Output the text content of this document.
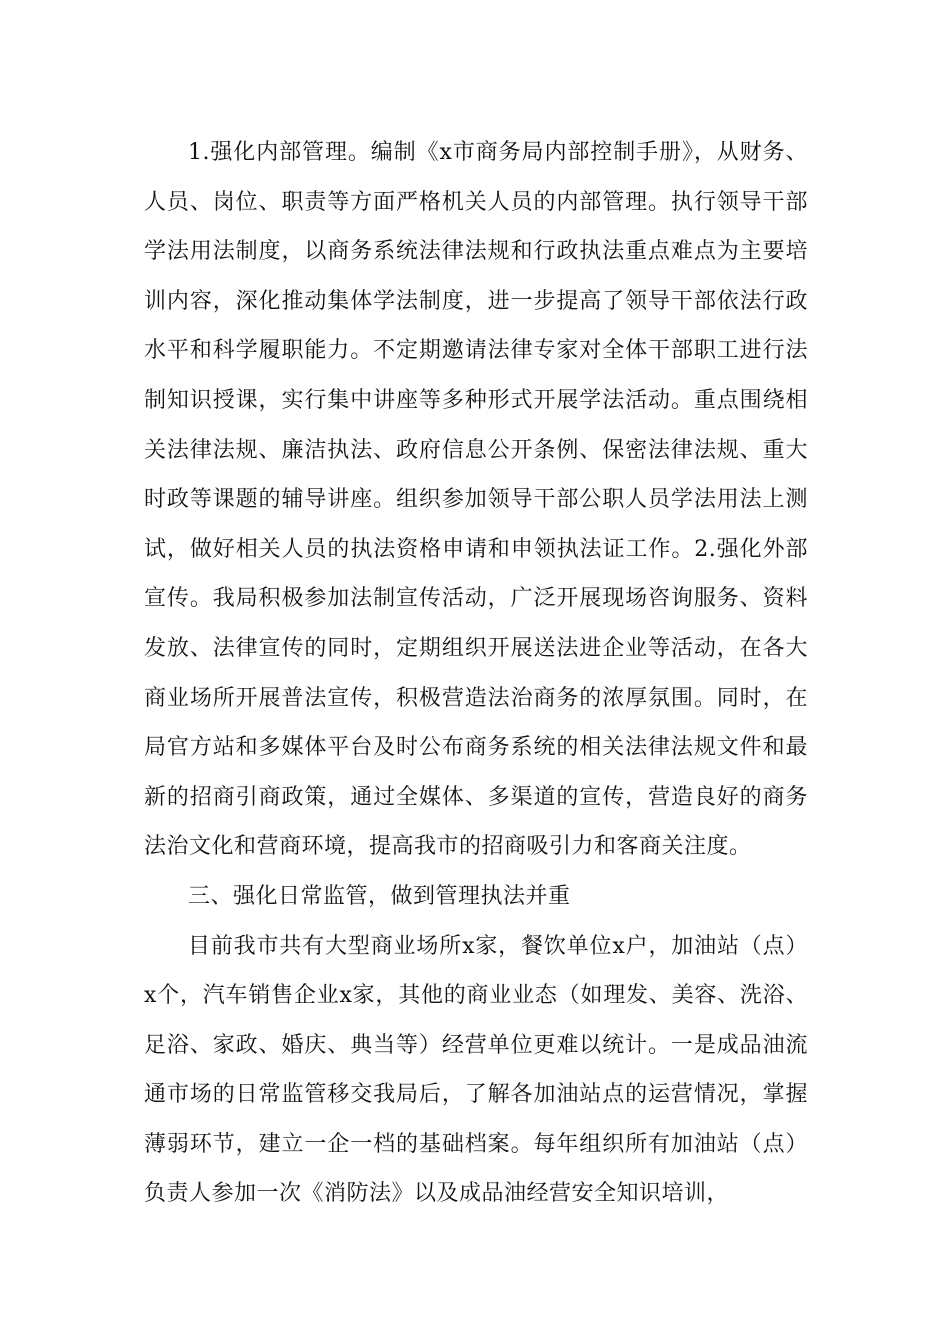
1.强化内部管理。编制《x市商务局内部控制手册》，从财务、人员、岗位、职责等方面严格机关人员的内部管理。执行领导干部学法用法制度，以商务系统法律法规和行政执法重点难点为主要培训内容，深化推动集体学法制度，进一步提高了领导干部依法行政水平和科学履职能力。不定期邀请法律专家对全体干部职工进行法制知识授课，实行集中讲座等多种形式开展学法活动。重点围绕相关法律法规、廉洁执法、政府信息公开条例、保密法律法规、重大时政等课题的辅导讲座。组织参加领导干部公职人员学法用法上测试，做好相关人员的执法资格申请和申领执法证工作。2.强化外部宣传。我局积极参加法制宣传活动，广泛开展现场咨询服务、资料发放、法律宣传的同时，定期组织开展送法进企业等活动，在各大商业场所开展普法宣传，积极营造法治商务的浓厚氛围。同时，在局官方站和多媒体平台及时公布商务系统的相关法律法规文件和最新的招商引商政策，通过全媒体、多渠道的宣传，营造良好的商务法治文化和营商环境，提高我市的招商吸引力和客商关注度。

三、强化日常监管，做到管理执法并重

目前我市共有大型商业场所x家，餐饮单位x户，加油站（点）x个，汽车销售企业x家，其他的商业业态（如理发、美容、洗浴、足浴、家政、婚庆、典当等）经营单位更难以统计。一是成品油流通市场的日常监管移交我局后，了解各加油站点的运营情况，掌握薄弱环节，建立一企一档的基础档案。每年组织所有加油站（点）负责人参加一次《消防法》以及成品油经营安全知识培训，
